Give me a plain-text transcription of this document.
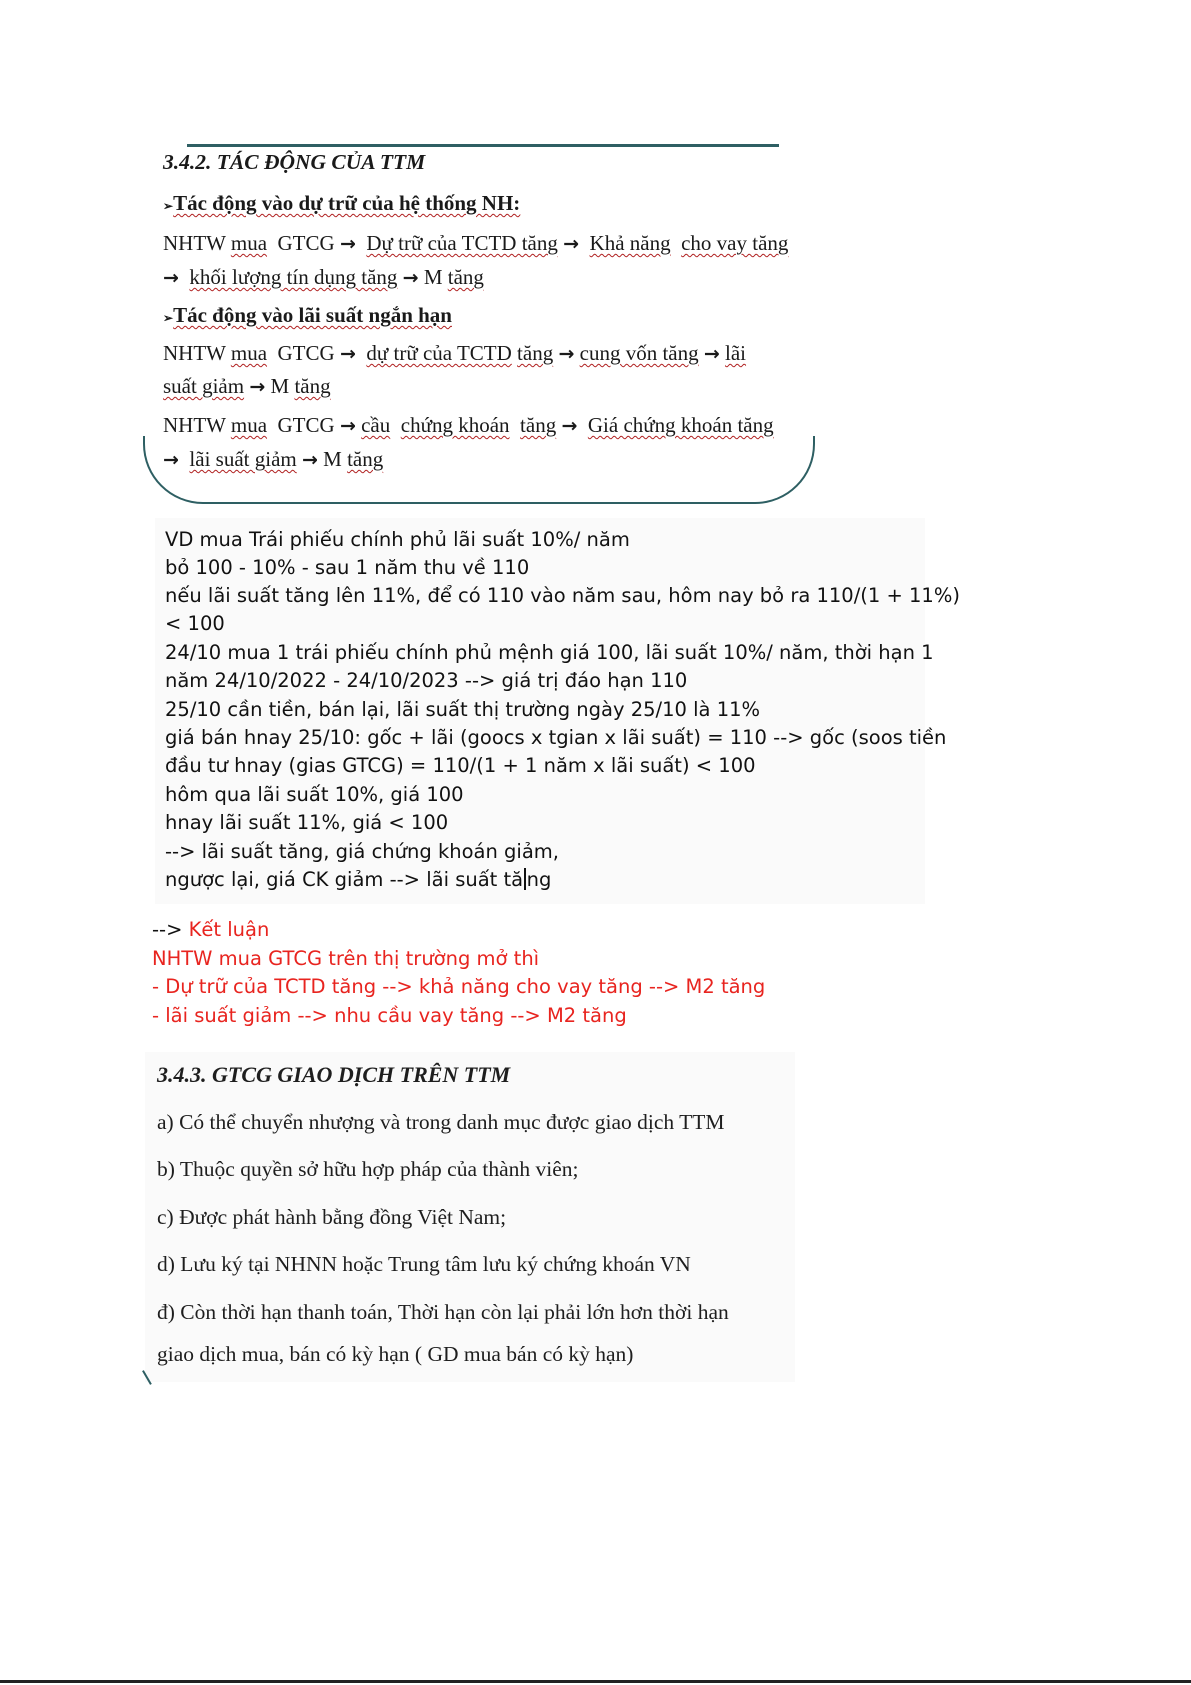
3.4.2. TÁC ĐỘNG CỦA TTM
➢Tác động vào dự trữ của hệ thống NH:
NHTW mua GTCG → Dự trữ của TCTD tăng → Khả năng cho vay tăng
→ khối lượng tín dụng tăng → M tăng
➢Tác động vào lãi suất ngắn hạn
NHTW mua GTCG → dự trữ của TCTD tăng → cung vốn tăng → lãi
suất giảm → M tăng
NHTW mua GTCG → cầu chứng khoán tăng → Giá chứng khoán tăng
→ lãi suất giảm → M tăng
VD mua Trái phiếu chính phủ lãi suất 10%/ năm
bỏ 100 - 10% - sau 1 năm thu về 110
nếu lãi suất tăng lên 11%, để có 110 vào năm sau, hôm nay bỏ ra 110/(1 + 11%)
< 100
24/10 mua 1 trái phiếu chính phủ mệnh giá 100, lãi suất 10%/ năm, thời hạn 1
năm 24/10/2022 - 24/10/2023 --> giá trị đáo hạn 110
25/10 cần tiền, bán lại, lãi suất thị trường ngày 25/10 là 11%
giá bán hnay 25/10: gốc + lãi (goocs x tgian x lãi suất) = 110 --> gốc (soos tiền
đầu tư hnay (gias GTCG) = 110/(1 + 1 năm x lãi suất) < 100
hôm qua lãi suất 10%, giá 100
hnay lãi suất 11%, giá < 100
--> lãi suất tăng, giá chứng khoán giảm,
ngược lại, giá CK giảm --> lãi suất tă ng
--> Kết luận
NHTW mua GTCG trên thị trường mở thì
- Dự trữ của TCTD tăng --> khả năng cho vay tăng --> M2 tăng
- lãi suất giảm --> nhu cầu vay tăng --> M2 tăng
3.4.3. GTCG GIAO DỊCH TRÊN TTM
a) Có thể chuyển nhượng và trong danh mục được giao dịch TTM
b) Thuộc quyền sở hữu hợp pháp của thành viên;
c) Được phát hành bằng đồng Việt Nam;
d) Lưu ký tại NHNN hoặc Trung tâm lưu ký chứng khoán VN
đ) Còn thời hạn thanh toán, Thời hạn còn lại phải lớn hơn thời hạn
giao dịch mua, bán có kỳ hạn ( GD mua bán có kỳ hạn)
